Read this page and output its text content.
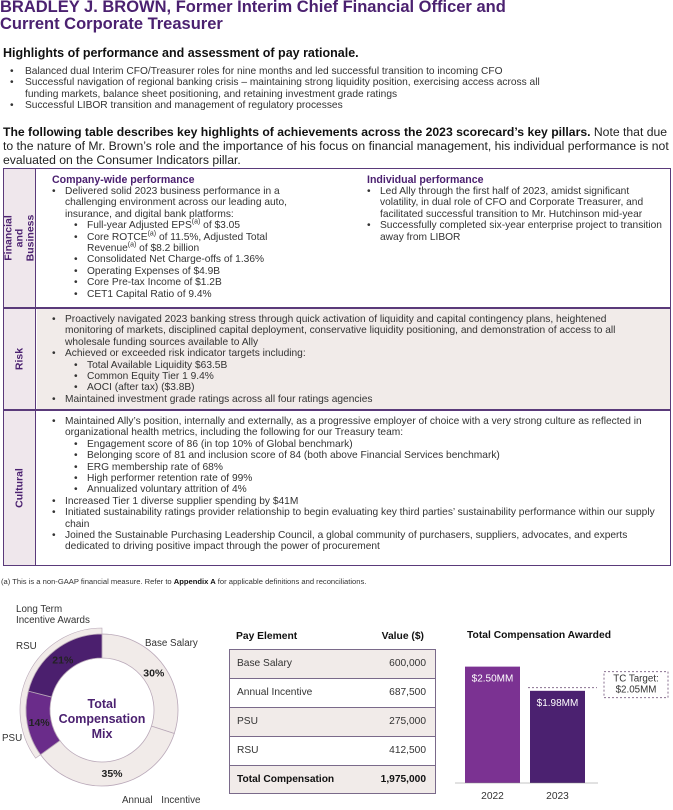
BRADLEY J. BROWN, Former Interim Chief Financial Officer and
Current Corporate Treasurer
Highlights of performance and assessment of pay rationale.
• Balanced dual Interim CFO/Treasurer roles for nine months and led successful transition to incoming CFO
• Successful navigation of regional banking crisis – maintaining strong liquidity position, exercising access across all funding markets, balance sheet positioning, and retaining investment grade ratings
• Successful LIBOR transition and management of regulatory processes
The following table describes key highlights of achievements across the 2023 scorecard’s key pillars. Note that due to the nature of Mr. Brown’s role and the importance of his focus on financial management, his individual performance is not evaluated on the Consumer Indicators pillar.
Financial and Business
Company-wide performance
• Delivered solid 2023 business performance in a challenging environment across our leading auto, insurance, and digital bank platforms:
• Full-year Adjusted EPS$^{(a)}$ of $3.05
• Core ROTCE$^{(a)}$ of 11.5%, Adjusted Total Revenue$^{(a)}$ of $8.2 billion
• Consolidated Net Charge-offs of 1.36%
• Operating Expenses of $4.9B
• Core Pre-tax Income of $1.2B
• CET1 Capital Ratio of 9.4%
Individual performance
• Led Ally through the first half of 2023, amidst significant volatility, in dual role of CFO and Corporate Treasurer, and facilitated successful transition to Mr. Hutchinson mid-year
• Successfully completed six-year enterprise project to transition away from LIBOR
Risk
• Proactively navigated 2023 banking stress through quick activation of liquidity and capital contingency plans, heightened monitoring of markets, disciplined capital deployment, conservative liquidity positioning, and demonstration of access to all wholesale funding sources available to Ally
• Achieved or exceeded risk indicator targets including:
• Total Available Liquidity $63.5B
• Common Equity Tier 1 9.4%
• AOCI (after tax) ($3.8B)
• Maintained investment grade ratings across all four ratings agencies
Cultural
• Maintained Ally’s position, internally and externally, as a progressive employer of choice with a very strong culture as reflected in organizational health metrics, including the following for our Treasury team:
• Engagement score of 86 (in top 10% of Global benchmark)
• Belonging score of 81 and inclusion score of 84 (both above Financial Services benchmark)
• ERG membership rate of 68%
• High performer retention rate of 99%
• Annualized voluntary attrition of 4%
• Increased Tier 1 diverse supplier spending by $41M
• Initiated sustainability ratings provider relationship to begin evaluating key third parties’ sustainability performance within our supply chain
• Joined the Sustainable Purchasing Leadership Council, a global community of purchasers, suppliers, advocates, and experts dedicated to driving positive impact through the power of procurement
(a) This is a non-GAAP financial measure. Refer to Appendix A for applicable definitions and reconciliations.
30%
35%
14%
21%
Total
Compensation
Mix
Long Term
Incentive Awards
RSU	Base Salary
PSU
Annual Incentive
Pay Element	Value ($)
Base Salary	600,000
Annual Incentive	687,500
PSU	275,000
RSU	412,500
Total Compensation	1,975,000
Total Compensation Awarded
$2.50MM
2022
$1.98MM
2023
TC Target:
$2.05MM
